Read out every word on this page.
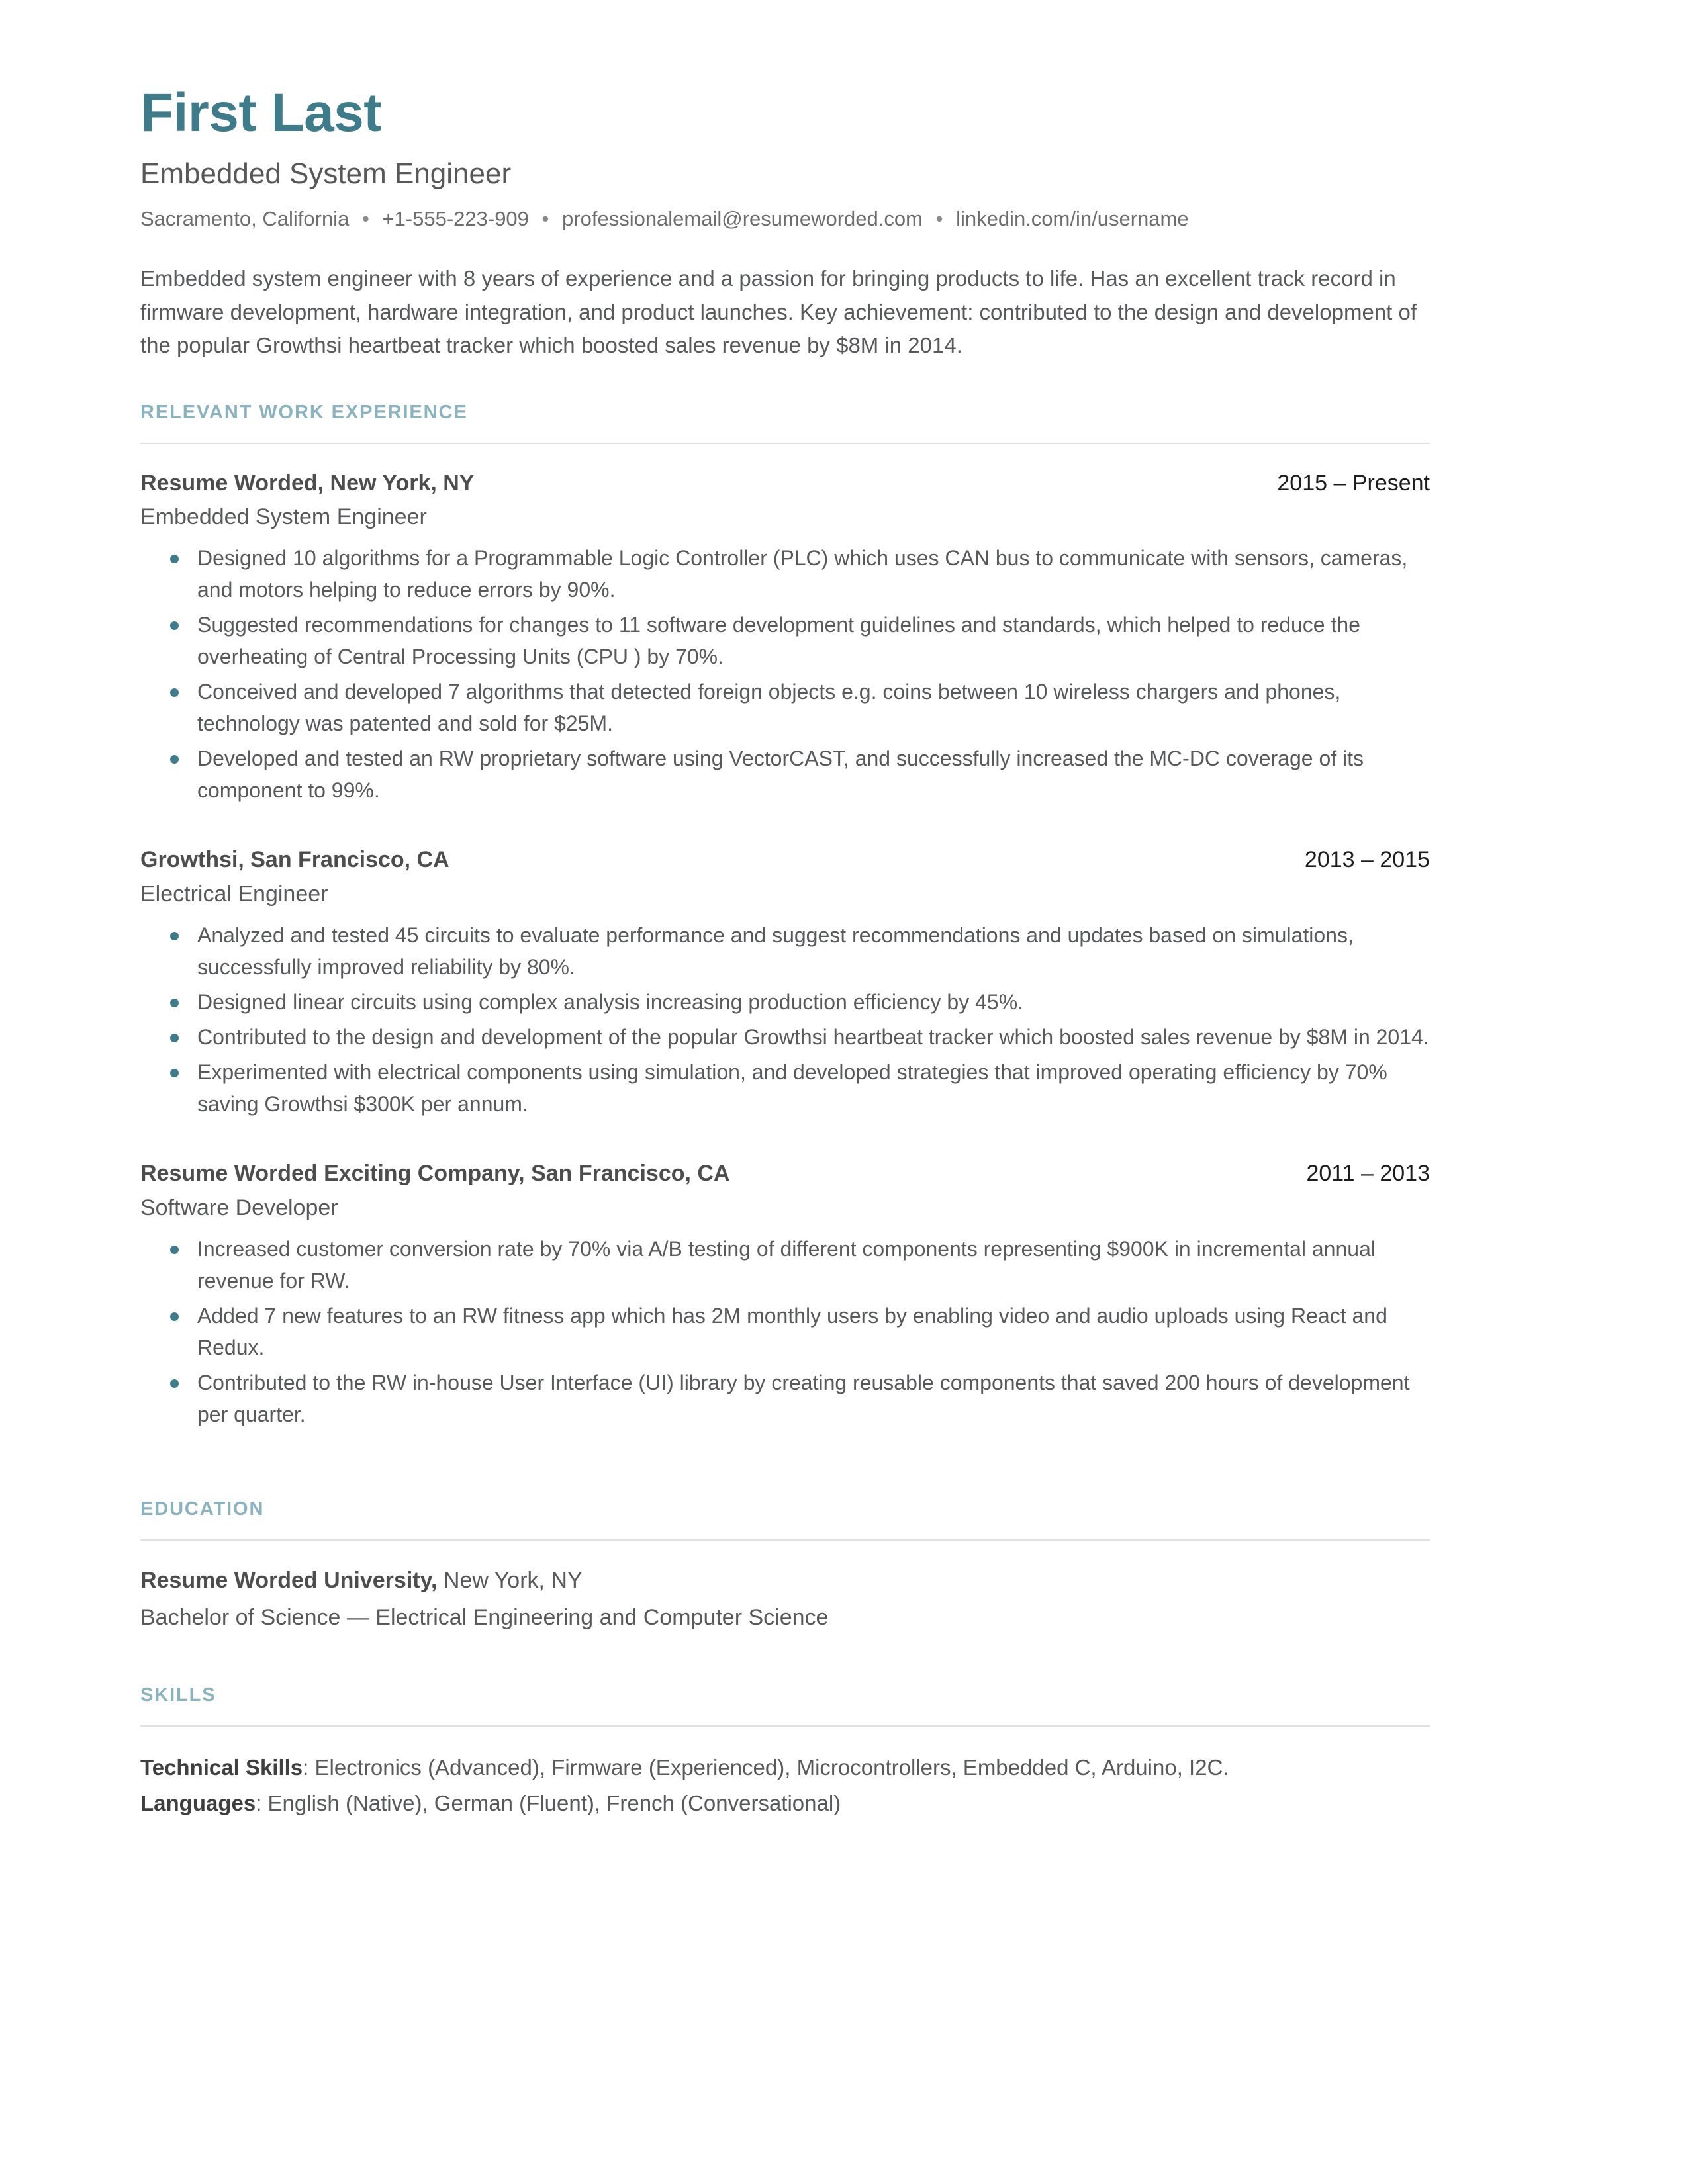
First Last
Embedded System Engineer
Sacramento, California • +1-555-223-909 • professionalemail@resumeworded.com • linkedin.com/in/username

Embedded system engineer with 8 years of experience and a passion for bringing products to life. Has an excellent track record in firmware development, hardware integration, and product launches. Key achievement: contributed to the design and development of the popular Growthsi heartbeat tracker which boosted sales revenue by $8M in 2014.

RELEVANT WORK EXPERIENCE
Resume Worded, New York, NY	2015 – Present
Embedded System Engineer
Designed 10 algorithms for a Programmable Logic Controller (PLC) which uses CAN bus to communicate with sensors, cameras, and motors helping to reduce errors by 90%.
Suggested recommendations for changes to 11 software development guidelines and standards, which helped to reduce the overheating of Central Processing Units (CPU ) by 70%.
Conceived and developed 7 algorithms that detected foreign objects e.g. coins between 10 wireless chargers and phones, technology was patented and sold for $25M.
Developed and tested an RW proprietary software using VectorCAST, and successfully increased the MC-DC coverage of its component to 99%.
Growthsi, San Francisco, CA	2013 – 2015
Electrical Engineer
Analyzed and tested 45 circuits to evaluate performance and suggest recommendations and updates based on simulations, successfully improved reliability by 80%.
Designed linear circuits using complex analysis increasing production efficiency by 45%.
Contributed to the design and development of the popular Growthsi heartbeat tracker which boosted sales revenue by $8M in 2014.
Experimented with electrical components using simulation, and developed strategies that improved operating efficiency by 70% saving Growthsi $300K per annum.
Resume Worded Exciting Company, San Francisco, CA	2011 – 2013
Software Developer
Increased customer conversion rate by 70% via A/B testing of different components representing $900K in incremental annual revenue for RW.
Added 7 new features to an RW fitness app which has 2M monthly users by enabling video and audio uploads using React and Redux.
Contributed to the RW in-house User Interface (UI) library by creating reusable components that saved 200 hours of development per quarter.
EDUCATION
Resume Worded University, New York, NY
Bachelor of Science — Electrical Engineering and Computer Science
SKILLS
Technical Skills: Electronics (Advanced), Firmware (Experienced), Microcontrollers, Embedded C, Arduino, I2C.
Languages: English (Native), German (Fluent), French (Conversational)
